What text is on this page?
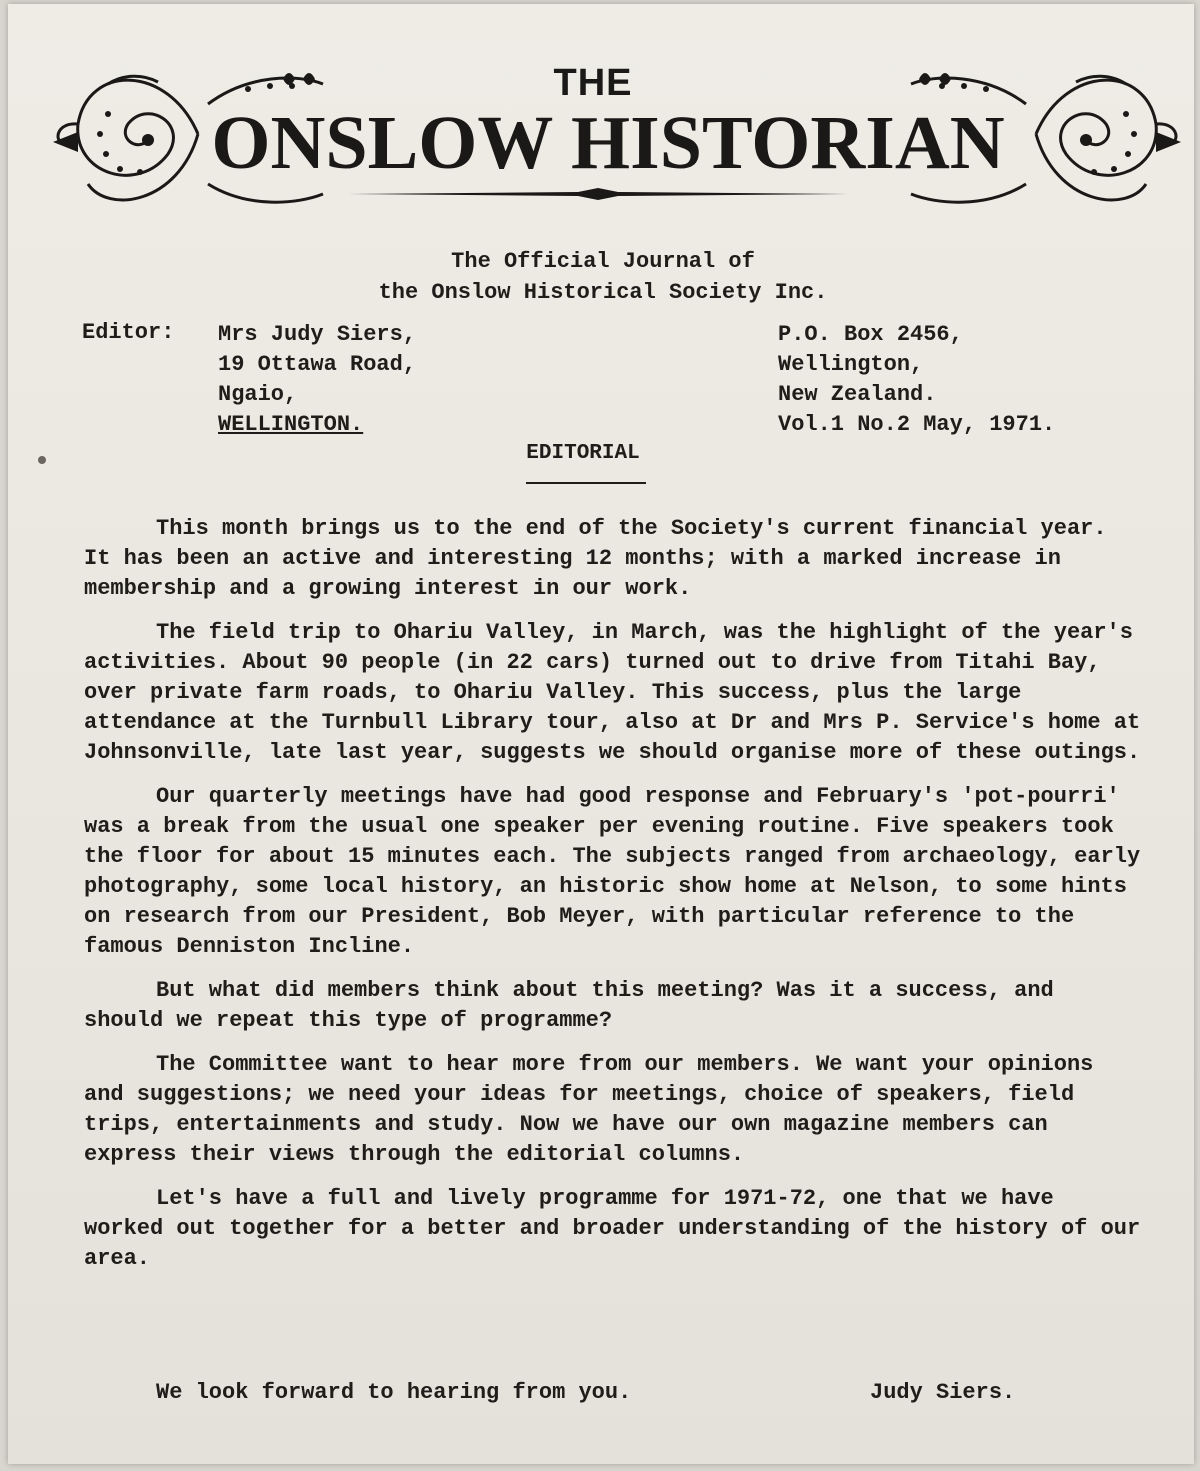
THE
ONSLOW HISTORIAN
The Official Journal of
the Onslow Historical Society Inc.
Editor: Mrs Judy Siers,
19 Ottawa Road,
Ngaio,
WELLINGTON.
P.O. Box 2456,
Wellington,
New Zealand.
Vol.1 No.2 May, 1971.
EDITORIAL

This month brings us to the end of the Society's current financial year. It has been an active and interesting 12 months; with a marked increase in membership and a growing interest in our work.

The field trip to Ohariu Valley, in March, was the highlight of the year's activities. About 90 people (in 22 cars) turned out to drive from Titahi Bay, over private farm roads, to Ohariu Valley. This success, plus the large attendance at the Turnbull Library tour, also at Dr and Mrs P. Service's home at Johnsonville, late last year, suggests we should organise more of these outings.

Our quarterly meetings have had good response and February's 'pot-pourri' was a break from the usual one speaker per evening routine. Five speakers took the floor for about 15 minutes each. The subjects ranged from archaeology, early photography, some local history, an historic show home at Nelson, to some hints on research from our President, Bob Meyer, with particular reference to the famous Denniston Incline.

But what did members think about this meeting? Was it a success, and should we repeat this type of programme?

The Committee want to hear more from our members. We want your opinions and suggestions; we need your ideas for meetings, choice of speakers, field trips, entertainments and study. Now we have our own magazine members can express their views through the editorial columns.

Let's have a full and lively programme for 1971-72, one that we have worked out together for a better and broader understanding of the history of our area.

We look forward to hearing from you.	Judy Siers.
